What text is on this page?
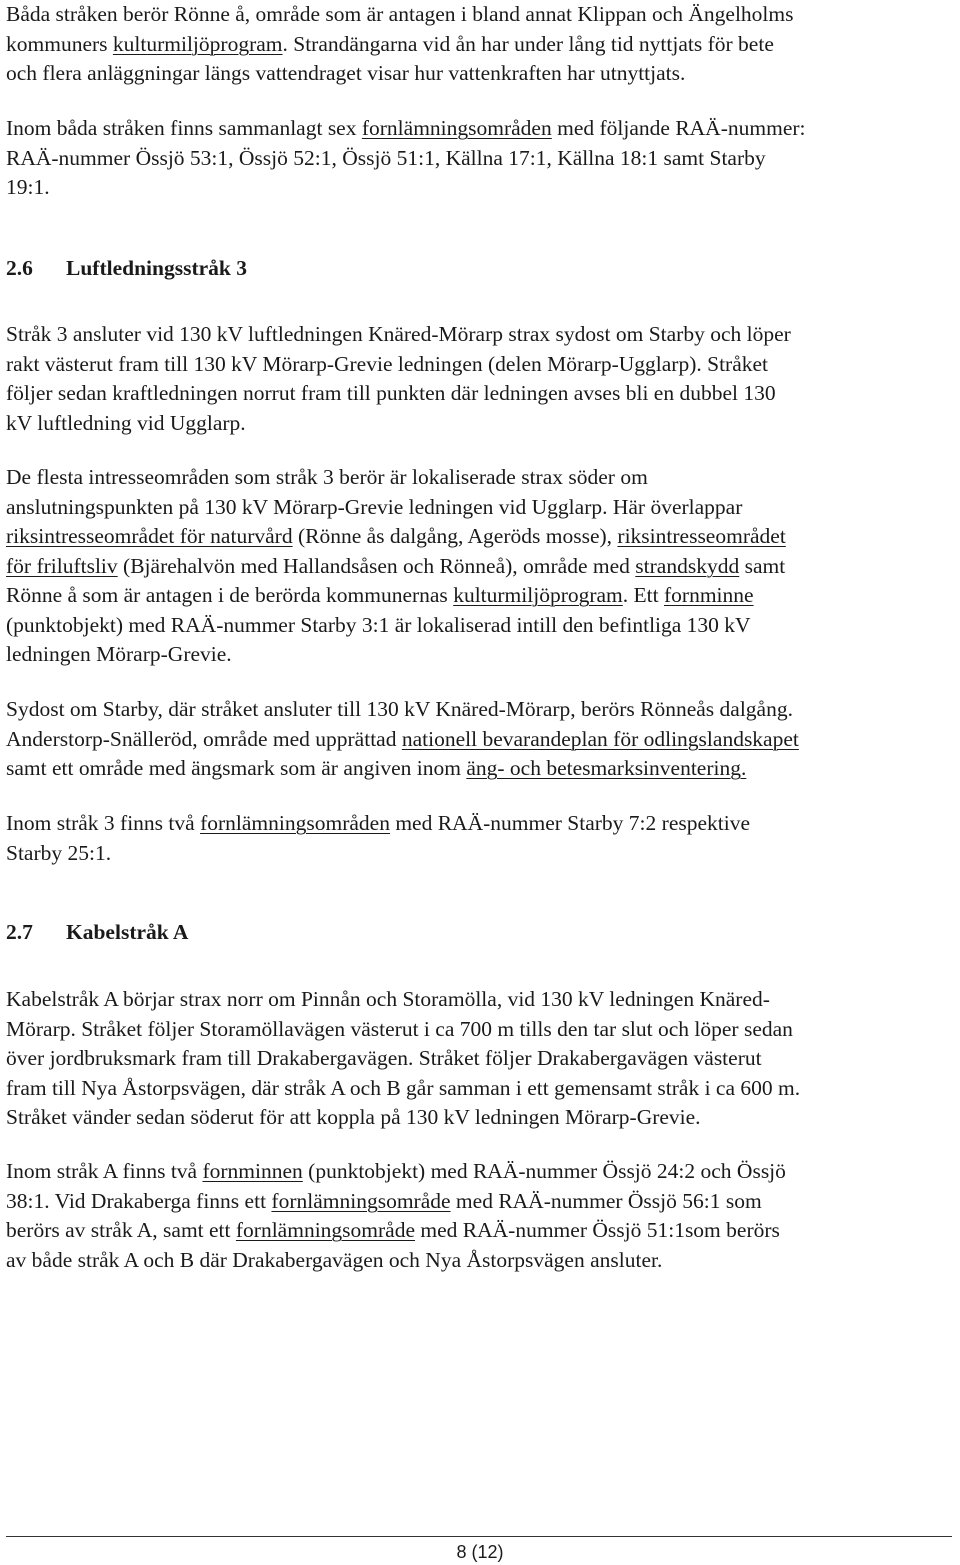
Båda stråken berör Rönne å, område som är antagen i bland annat Klippan och Ängelholms
kommuners kulturmiljöprogram. Strandängarna vid ån har under lång tid nyttjats för bete
och flera anläggningar längs vattendraget visar hur vattenkraften har utnyttjats.

Inom båda stråken finns sammanlagt sex fornlämningsområden med följande RAÄ-nummer:
RAÄ-nummer Össjö 53:1, Össjö 52:1, Össjö 51:1, Källna 17:1, Källna 18:1 samt Starby
19:1.

2.6 Luftledningsstråk 3

Stråk 3 ansluter vid 130 kV luftledningen Knäred-Mörarp strax sydost om Starby och löper
rakt västerut fram till 130 kV Mörarp-Grevie ledningen (delen Mörarp-Ugglarp). Stråket
följer sedan kraftledningen norrut fram till punkten där ledningen avses bli en dubbel 130
kV luftledning vid Ugglarp.

De flesta intresseområden som stråk 3 berör är lokaliserade strax söder om
anslutningspunkten på 130 kV Mörarp-Grevie ledningen vid Ugglarp. Här överlappar
riksintresseområdet för naturvård (Rönne ås dalgång, Ageröds mosse), riksintresseområdet
för friluftsliv (Bjärehalvön med Hallandsåsen och Rönneå), område med strandskydd samt
Rönne å som är antagen i de berörda kommunernas kulturmiljöprogram. Ett fornminne
(punktobjekt) med RAÄ-nummer Starby 3:1 är lokaliserad intill den befintliga 130 kV
ledningen Mörarp-Grevie.

Sydost om Starby, där stråket ansluter till 130 kV Knäred-Mörarp, berörs Rönneås dalgång.
Anderstorp-Snälleröd, område med upprättad nationell bevarandeplan för odlingslandskapet
samt ett område med ängsmark som är angiven inom äng- och betesmarksinventering.

Inom stråk 3 finns två fornlämningsområden med RAÄ-nummer Starby 7:2 respektive
Starby 25:1.

2.7 Kabelstråk A

Kabelstråk A börjar strax norr om Pinnån och Storamölla, vid 130 kV ledningen Knäred-
Mörarp. Stråket följer Storamöllavägen västerut i ca 700 m tills den tar slut och löper sedan
över jordbruksmark fram till Drakabergavägen. Stråket följer Drakabergavägen västerut
fram till Nya Åstorpsvägen, där stråk A och B går samman i ett gemensamt stråk i ca 600 m.
Stråket vänder sedan söderut för att koppla på 130 kV ledningen Mörarp-Grevie.

Inom stråk A finns två fornminnen (punktobjekt) med RAÄ-nummer Össjö 24:2 och Össjö
38:1. Vid Drakaberga finns ett fornlämningsområde med RAÄ-nummer Össjö 56:1 som
berörs av stråk A, samt ett fornlämningsområde med RAÄ-nummer Össjö 51:1som berörs
av både stråk A och B där Drakabergavägen och Nya Åstorpsvägen ansluter.

8 (12)
